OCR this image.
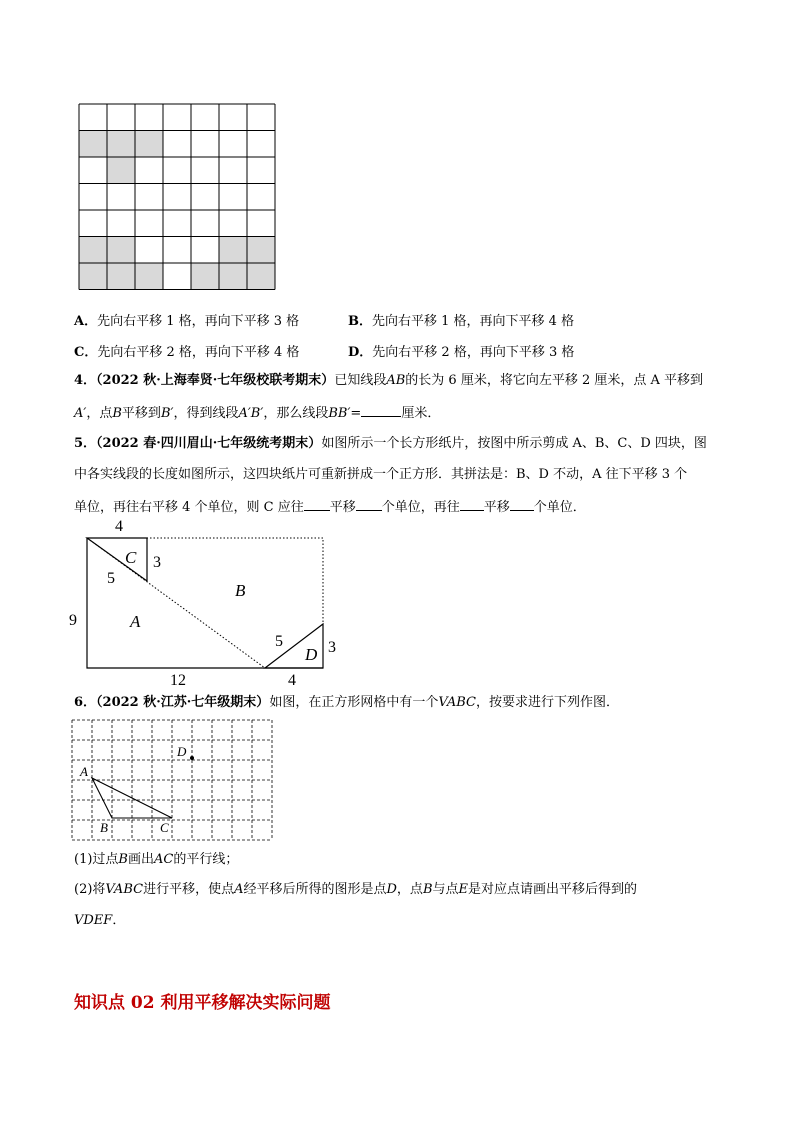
A．先向右平移 1 格，再向下平移 3 格	B．先向右平移 1 格，再向下平移 4 格
C．先向右平移 2 格，再向下平移 4 格	D．先向右平移 2 格，再向下平移 3 格
4．（2022 秋·上海奉贤·七年级校联考期末）已知线段AB的长为 6 厘米，将它向左平移 2 厘米，点 A 平移到
A′，点B平移到B′，得到线段A′B′，那么线段BB′=	厘米．
5．（2022 春·四川眉山·七年级统考期末）如图所示一个长方形纸片，按图中所示剪成 A、B、C、D 四块，图
中各实线段的长度如图所示，这四块纸片可重新拼成一个正方形．其拼法是：B、D 不动，A 往下平移 3 个
单位，再往右平移 4 个单位，则 C 应往 平移 个单位，再往 平移 个单位．
4
9
12	4
3
3
5
5
C
B
A
D
6．（2022 秋·江苏·七年级期末）如图，在正方形网格中有一个VABC，按要求进行下列作图．
A
B	C
D
(1)过点B画出AC的平行线；
(2)将VABC进行平移，使点A经平移后所得的图形是点D，点B与点E是对应点请画出平移后得到的
VDEF．
知识点 02 利用平移解决实际问题
